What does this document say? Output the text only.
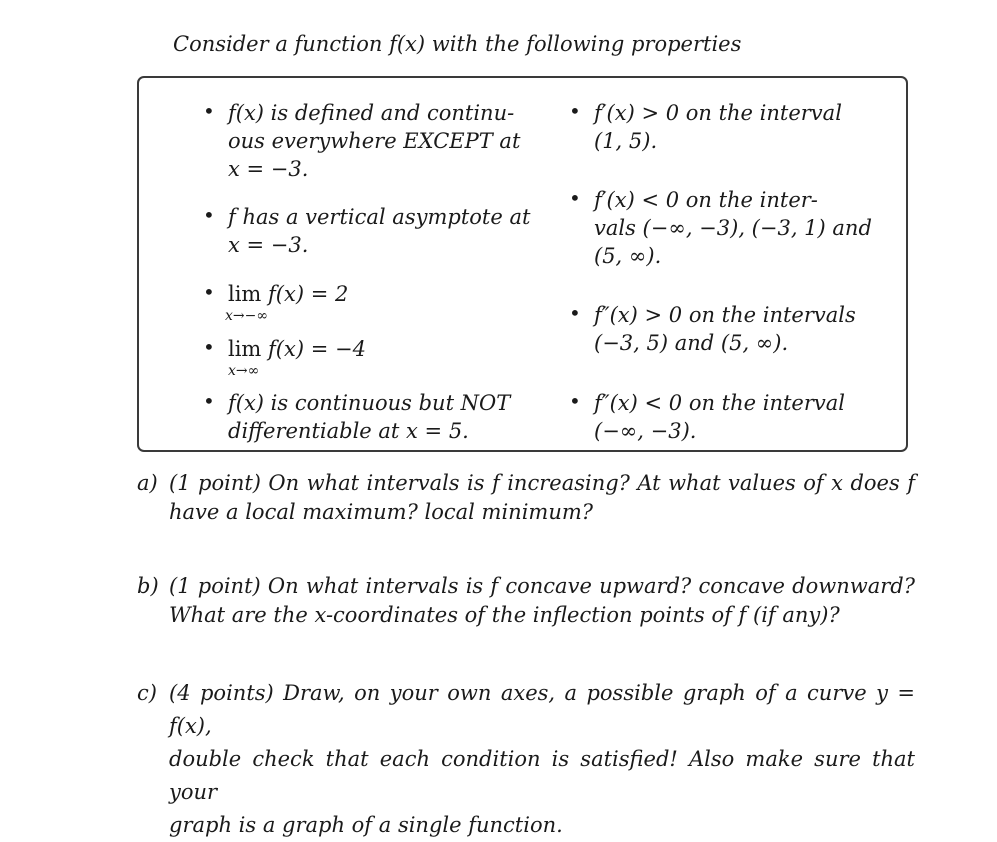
Consider a function f(x) with the following properties
• f(x) is defined and continu-
ous everywhere EXCEPT at
x = −3.
• f has a vertical asymptote at
x = −3.
• lim f(x) = 2
x→−∞
• lim f(x) = −4
x→∞
• f(x) is continuous but NOT
differentiable at x = 5.
• f′(x) > 0 on the interval
(1, 5).
• f′(x) < 0 on the inter-
vals (−∞, −3), (−3, 1) and
(5, ∞).
• f″(x) > 0 on the intervals
(−3, 5) and (5, ∞).
• f″(x) < 0 on the interval
(−∞, −3).
a) (1 point) On what intervals is f increasing? At what values of x does f
have a local maximum? local minimum?
b) (1 point) On what intervals is f concave upward? concave downward?
What are the x-coordinates of the inflection points of f (if any)?
c) (4 points) Draw, on your own axes, a possible graph of a curve y = f(x),
double check that each condition is satisfied! Also make sure that your
graph is a graph of a single function.
